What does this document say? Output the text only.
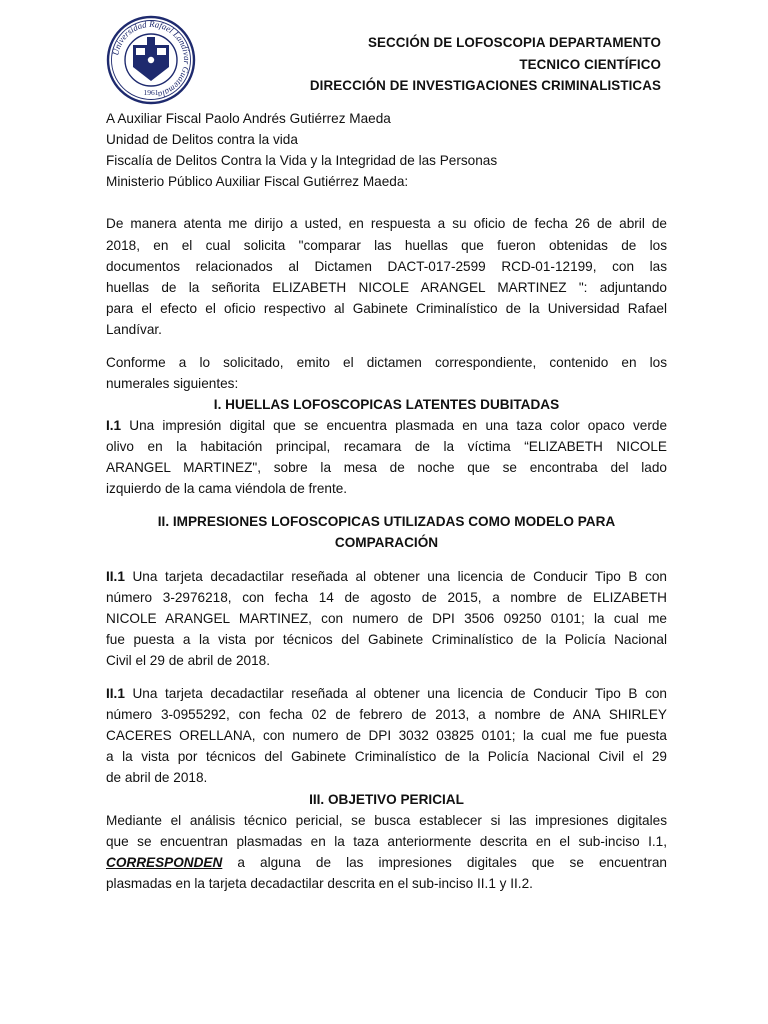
Universidad Rafael Landívar Guatemala
1961
SECCIÓN DE LOFOSCOPIA DEPARTAMENTO
TECNICO CIENTÍFICO
DIRECCIÓN DE INVESTIGACIONES CRIMINALISTICAS
A Auxiliar Fiscal Paolo Andrés Gutiérrez Maeda
Unidad de Delitos contra la vida
Fiscalía de Delitos Contra la Vida y la Integridad de las Personas
Ministerio Público Auxiliar Fiscal Gutiérrez Maeda:
De manera atenta me dirijo a usted, en respuesta a su oficio de fecha 26 de abril de
2018, en el cual solicita "comparar las huellas que fueron obtenidas de los
documentos relacionados al Dictamen DACT-017-2599 RCD-01-12199, con las
huellas de la señorita ELIZABETH NICOLE ARANGEL MARTINEZ ": adjuntando
para el efecto el oficio respectivo al Gabinete Criminalístico de la Universidad Rafael
Landívar.
Conforme a lo solicitado, emito el dictamen correspondiente, contenido en los
numerales siguientes:
I. HUELLAS LOFOSCOPICAS LATENTES DUBITADAS
I.1 Una impresión digital que se encuentra plasmada en una taza color opaco verde
olivo en la habitación principal, recamara de la víctima “ELIZABETH NICOLE
ARANGEL MARTINEZ", sobre la mesa de noche que se encontraba del lado
izquierdo de la cama viéndola de frente.
II. IMPRESIONES LOFOSCOPICAS UTILIZADAS COMO MODELO PARA
COMPARACIÓN
II.1 Una tarjeta decadactilar reseñada al obtener una licencia de Conducir Tipo B con
número 3-2976218, con fecha 14 de agosto de 2015, a nombre de ELIZABETH
NICOLE ARANGEL MARTINEZ, con numero de DPI 3506 09250 0101; la cual me
fue puesta a la vista por técnicos del Gabinete Criminalístico de la Policía Nacional
Civil el 29 de abril de 2018.
II.1 Una tarjeta decadactilar reseñada al obtener una licencia de Conducir Tipo B con
número 3-0955292, con fecha 02 de febrero de 2013, a nombre de ANA SHIRLEY
CACERES ORELLANA, con numero de DPI 3032 03825 0101; la cual me fue puesta
a la vista por técnicos del Gabinete Criminalístico de la Policía Nacional Civil el 29
de abril de 2018.
III. OBJETIVO PERICIAL
Mediante el análisis técnico pericial, se busca establecer si las impresiones digitales
que se encuentran plasmadas en la taza anteriormente descrita en el sub-inciso I.1,
CORRESPONDEN a alguna de las impresiones digitales que se encuentran
plasmadas en la tarjeta decadactilar descrita en el sub-inciso II.1 y II.2.
